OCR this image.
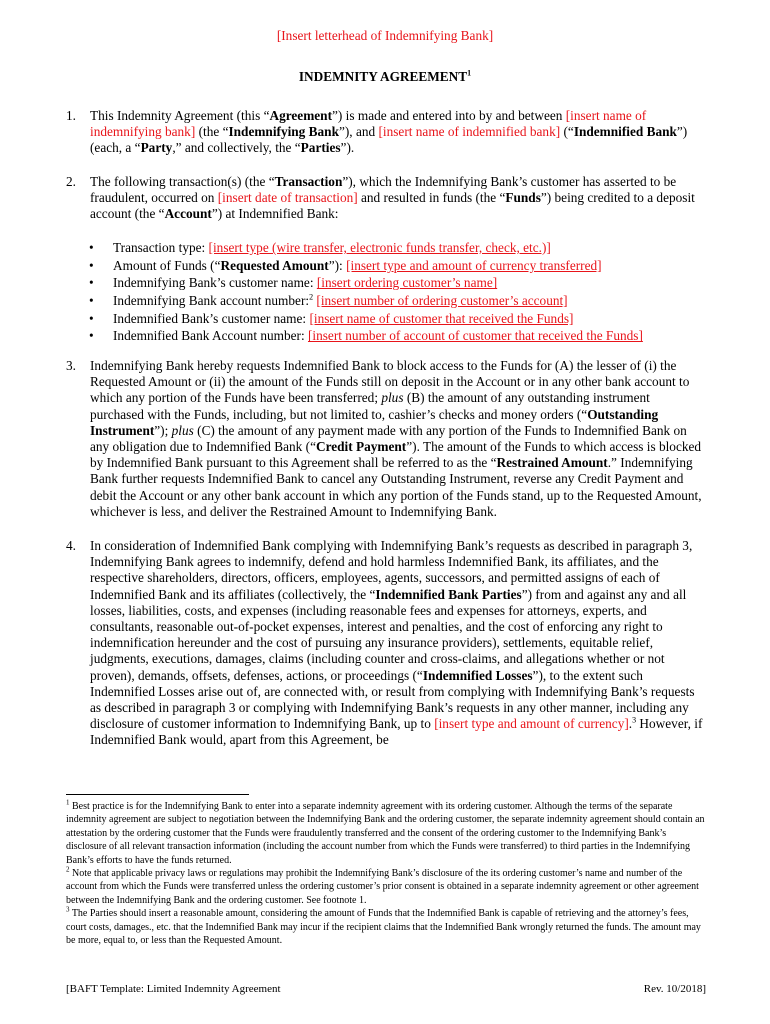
[Insert letterhead of Indemnifying Bank]
INDEMNITY AGREEMENT$^1$
1. This Indemnity Agreement (this “Agreement”) is made and entered into by and between [insert name of indemnifying bank] (the “Indemnifying Bank”), and [insert name of indemnified bank] (“Indemnified Bank”) (each, a “Party,” and collectively, the “Parties”).
2. The following transaction(s) (the “Transaction”), which the Indemnifying Bank’s customer has asserted to be fraudulent, occurred on [insert date of transaction] and resulted in funds (the “Funds”) being credited to a deposit account (the “Account”) at Indemnified Bank:
• Transaction type: [insert type (wire transfer, electronic funds transfer, check, etc.)]
• Amount of Funds (“Requested Amount”): [insert type and amount of currency transferred]
• Indemnifying Bank’s customer name: [insert ordering customer’s name]
• Indemnifying Bank account number:$^2$ [insert number of ordering customer’s account]
• Indemnified Bank’s customer name: [insert name of customer that received the Funds]
• Indemnified Bank Account number: [insert number of account of customer that received the Funds]
3. Indemnifying Bank hereby requests Indemnified Bank to block access to the Funds for (A) the lesser of (i) the Requested Amount or (ii) the amount of the Funds still on deposit in the Account or in any other bank account to which any portion of the Funds have been transferred; plus (B) the amount of any outstanding instrument purchased with the Funds, including, but not limited to, cashier’s checks and money orders (“Outstanding Instrument”); plus (C) the amount of any payment made with any portion of the Funds to Indemnified Bank on any obligation due to Indemnified Bank (“Credit Payment”). The amount of the Funds to which access is blocked by Indemnified Bank pursuant to this Agreement shall be referred to as the “Restrained Amount.” Indemnifying Bank further requests Indemnified Bank to cancel any Outstanding Instrument, reverse any Credit Payment and debit the Account or any other bank account in which any portion of the Funds stand, up to the Requested Amount, whichever is less, and deliver the Restrained Amount to Indemnifying Bank.
4. In consideration of Indemnified Bank complying with Indemnifying Bank’s requests as described in paragraph 3, Indemnifying Bank agrees to indemnify, defend and hold harmless Indemnified Bank, its affiliates, and the respective shareholders, directors, officers, employees, agents, successors, and permitted assigns of each of Indemnified Bank and its affiliates (collectively, the “Indemnified Bank Parties”) from and against any and all losses, liabilities, costs, and expenses (including reasonable fees and expenses for attorneys, experts, and consultants, reasonable out-of-pocket expenses, interest and penalties, and the cost of enforcing any right to indemnification hereunder and the cost of pursuing any insurance providers), settlements, equitable relief, judgments, executions, damages, claims (including counter and cross-claims, and allegations whether or not proven), demands, offsets, defenses, actions, or proceedings (“Indemnified Losses”), to the extent such Indemnified Losses arise out of, are connected with, or result from complying with Indemnifying Bank’s requests as described in paragraph 3 or complying with Indemnifying Bank’s requests in any other manner, including any disclosure of customer information to Indemnifying Bank, up to [insert type and amount of currency].$^3$ However, if Indemnified Bank would, apart from this Agreement, be

$^1$ Best practice is for the Indemnifying Bank to enter into a separate indemnity agreement with its ordering customer. Although the terms of the separate indemnity agreement are subject to negotiation between the Indemnifying Bank and the ordering customer, the separate indemnity agreement should contain an attestation by the ordering customer that the Funds were fraudulently transferred and the consent of the ordering customer to the Indemnifying Bank’s disclosure of all relevant transaction information (including the account number from which the Funds were transferred) to third parties in the Indemnifying Bank’s efforts to have the funds returned.

$^2$ Note that applicable privacy laws or regulations may prohibit the Indemnifying Bank’s disclosure of the its ordering customer’s name and number of the account from which the Funds were transferred unless the ordering customer’s prior consent is obtained in a separate indemnity agreement or other agreement between the Indemnifying Bank and the ordering customer. See footnote 1.

$^3$ The Parties should insert a reasonable amount, considering the amount of Funds that the Indemnified Bank is capable of retrieving and the attorney’s fees, court costs, damages., etc. that the Indemnified Bank may incur if the recipient claims that the Indemnified Bank wrongly returned the funds. The amount may be more, equal to, or less than the Requested Amount.

[BAFT Template: Limited Indemnity Agreement	Rev. 10/2018]
